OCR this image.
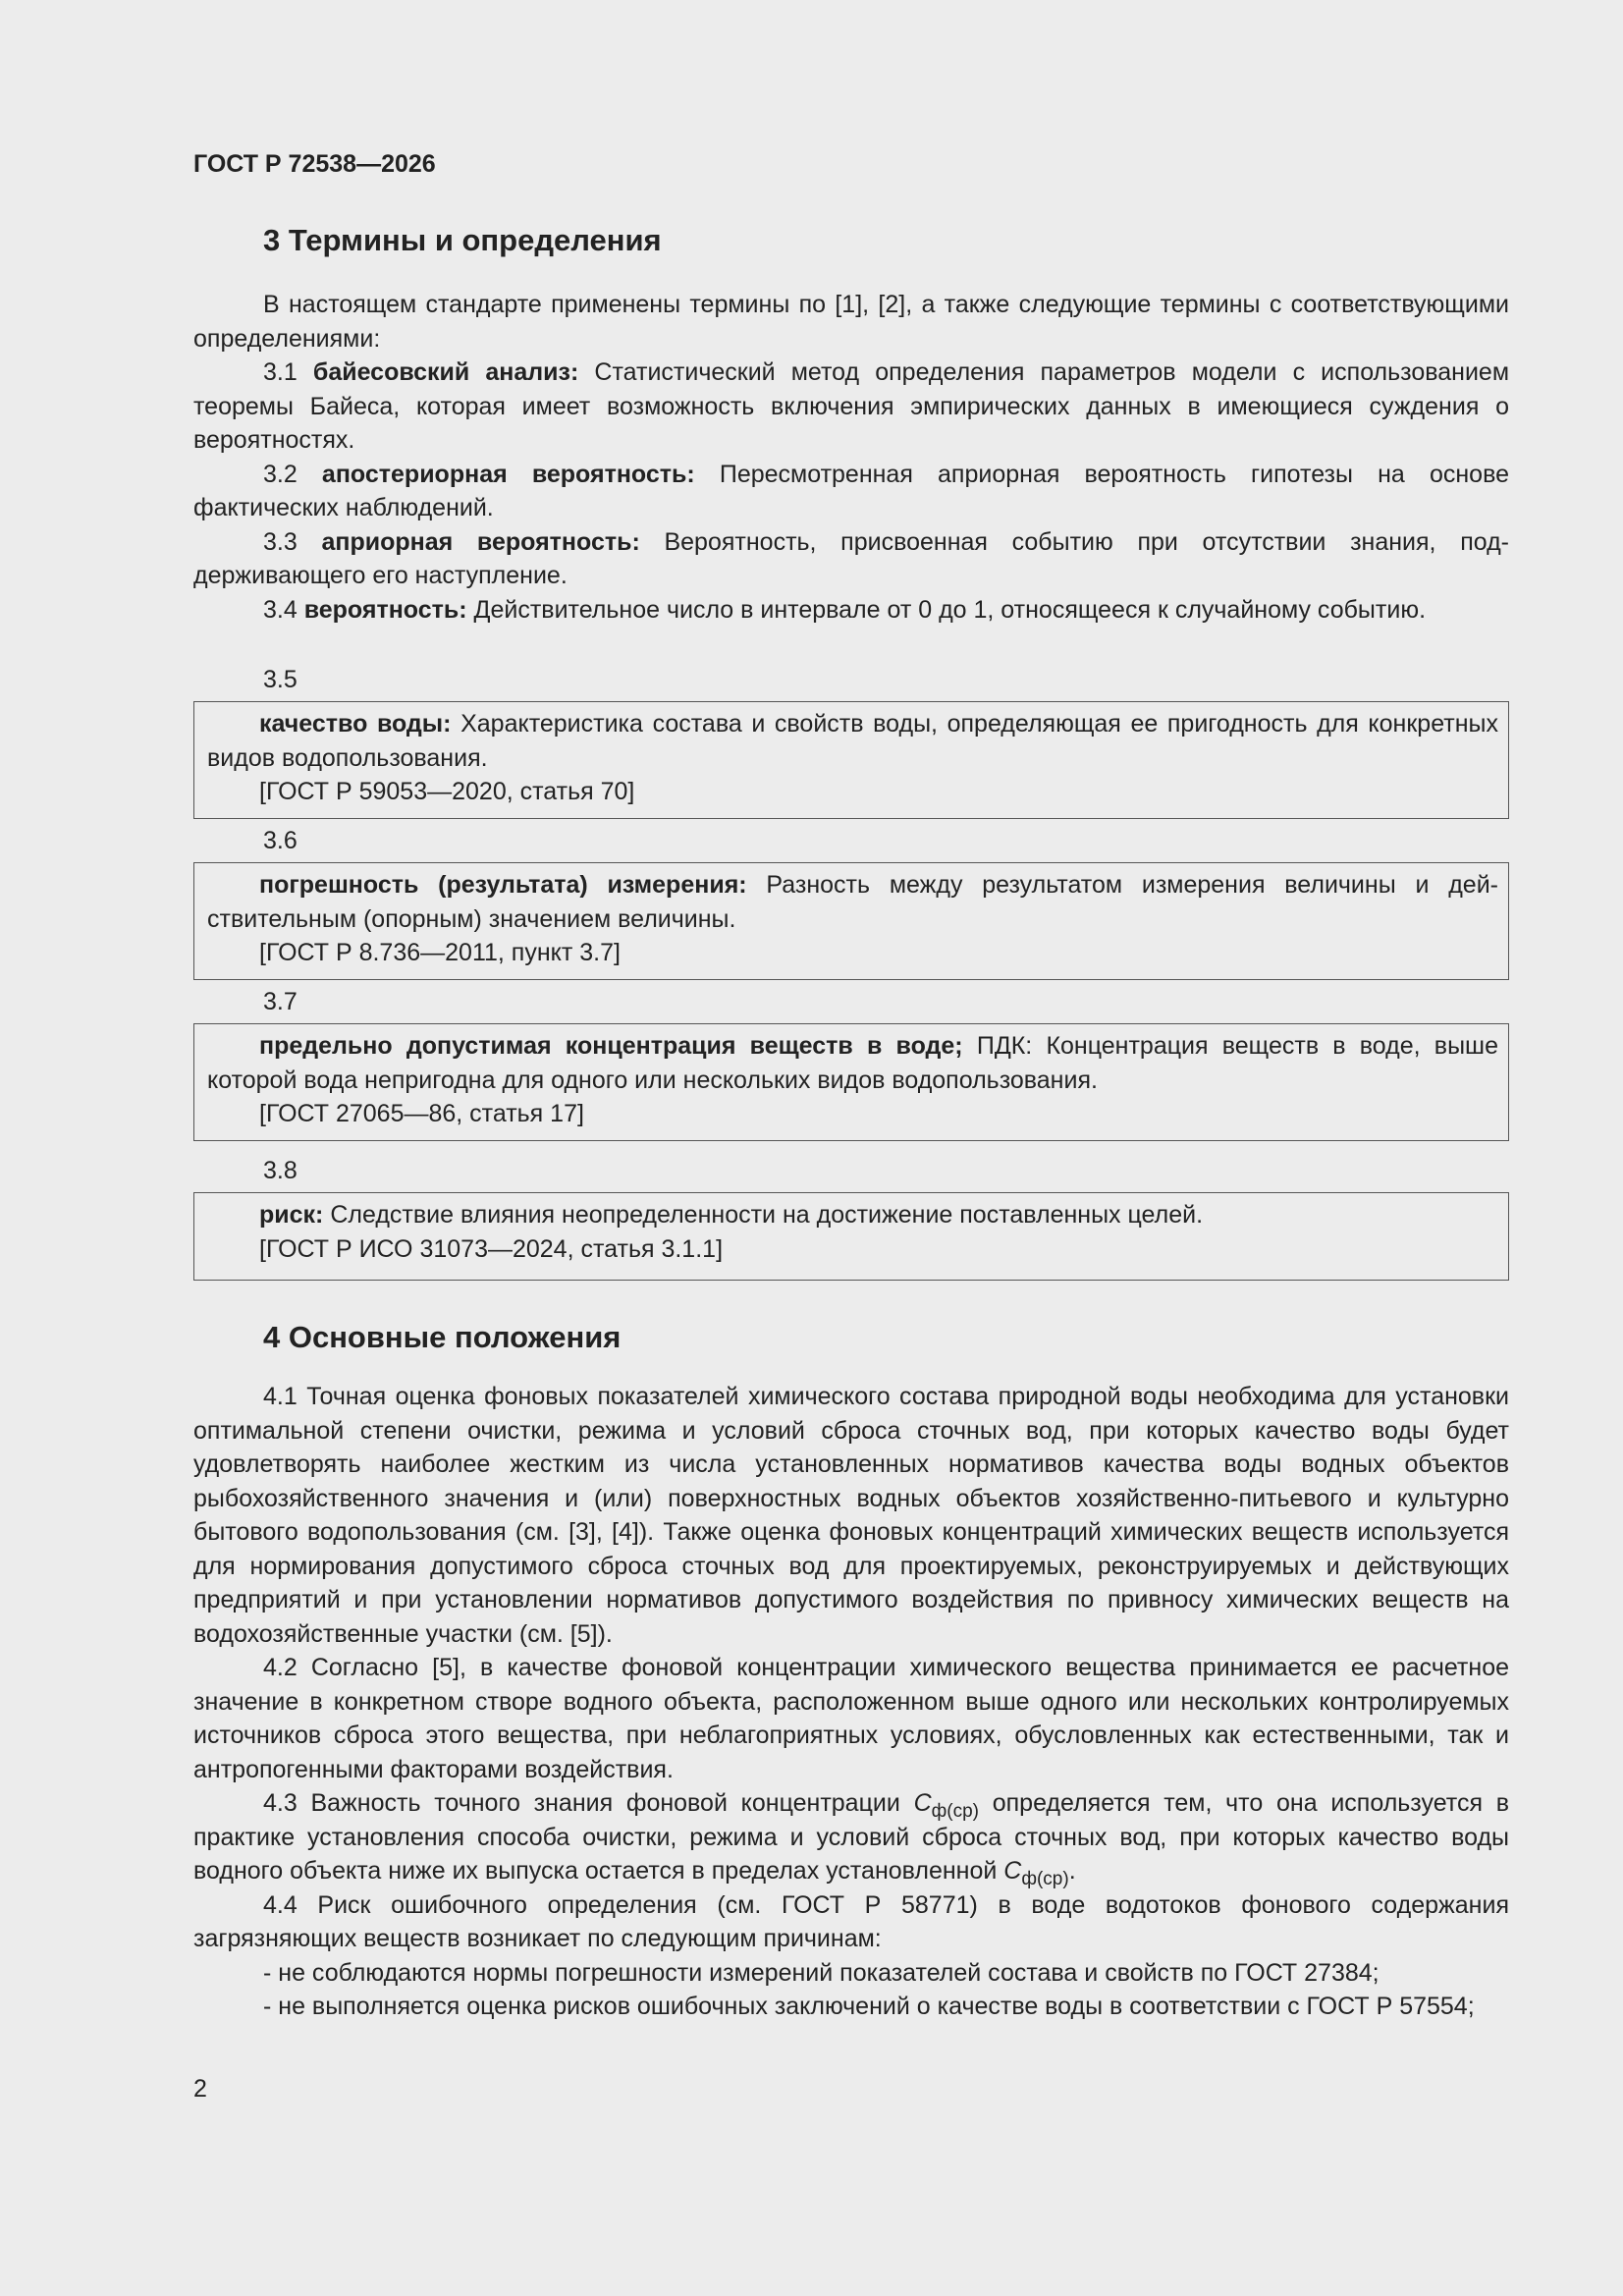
ГОСТ Р 72538—2026
3 Термины и определения

В настоящем стандарте применены термины по [1], [2], а также следующие термины с соответствующими определениями:

3.1 байесовский анализ: Статистический метод определения параметров модели с использованием теоремы Байеса, которая имеет возможность включения эмпирических данных в имеющиеся суждения о вероятностях.

3.2 апостериорная вероятность: Пересмотренная априорная вероятность гипотезы на основе фактических наблюдений.

3.3 априорная вероятность: Вероятность, присвоенная событию при отсутствии знания, поддерживающего его наступление.

3.4 вероятность: Действительное число в интервале от 0 до 1, относящееся к случайному событию.

3.5

качество воды: Характеристика состава и свойств воды, определяющая ее пригодность для конкретных видов водопользования.

[ГОСТ Р 59053—2020, статья 70]

3.6

погрешность (результата) измерения: Разность между результатом измерения величины и действительным (опорным) значением величины.

[ГОСТ Р 8.736—2011, пункт 3.7]

3.7

предельно допустимая концентрация веществ в воде; ПДК: Концентрация веществ в воде, выше которой вода непригодна для одного или нескольких видов водопользования.

[ГОСТ 27065—86, статья 17]

3.8

риск: Следствие влияния неопределенности на достижение поставленных целей.

[ГОСТ Р ИСО 31073—2024, статья 3.1.1]

4 Основные положения

4.1 Точная оценка фоновых показателей химического состава природной воды необходима для установки оптимальной степени очистки, режима и условий сброса сточных вод, при которых качество воды будет удовлетворять наиболее жестким из числа установленных нормативов качества воды водных объектов рыбохозяйственного значения и (или) поверхностных водных объектов хозяйственно-питьевого и культурно бытового водопользования (см. [3], [4]). Также оценка фоновых концентраций химических веществ используется для нормирования допустимого сброса сточных вод для проектируемых, реконструируемых и действующих предприятий и при установлении нормативов допустимого воздействия по привносу химических веществ на водохозяйственные участки (см. [5]).

4.2 Согласно [5], в качестве фоновой концентрации химического вещества принимается ее расчетное значение в конкретном створе водного объекта, расположенном выше одного или нескольких контролируемых источников сброса этого вещества, при неблагоприятных условиях, обусловленных как естественными, так и антропогенными факторами воздействия.

4.3 Важность точного знания фоновой концентрации $C_{ф(ср)}$ определяется тем, что она используется в практике установления способа очистки, режима и условий сброса сточных вод, при которых качество воды водного объекта ниже их выпуска остается в пределах установленной $C_{ф(ср)}$.

4.4 Риск ошибочного определения (см. ГОСТ Р 58771) в воде водотоков фонового содержания загрязняющих веществ возникает по следующим причинам:

- не соблюдаются нормы погрешности измерений показателей состава и свойств по ГОСТ 27384;

- не выполняется оценка рисков ошибочных заключений о качестве воды в соответствии с ГОСТ Р 57554;

2
